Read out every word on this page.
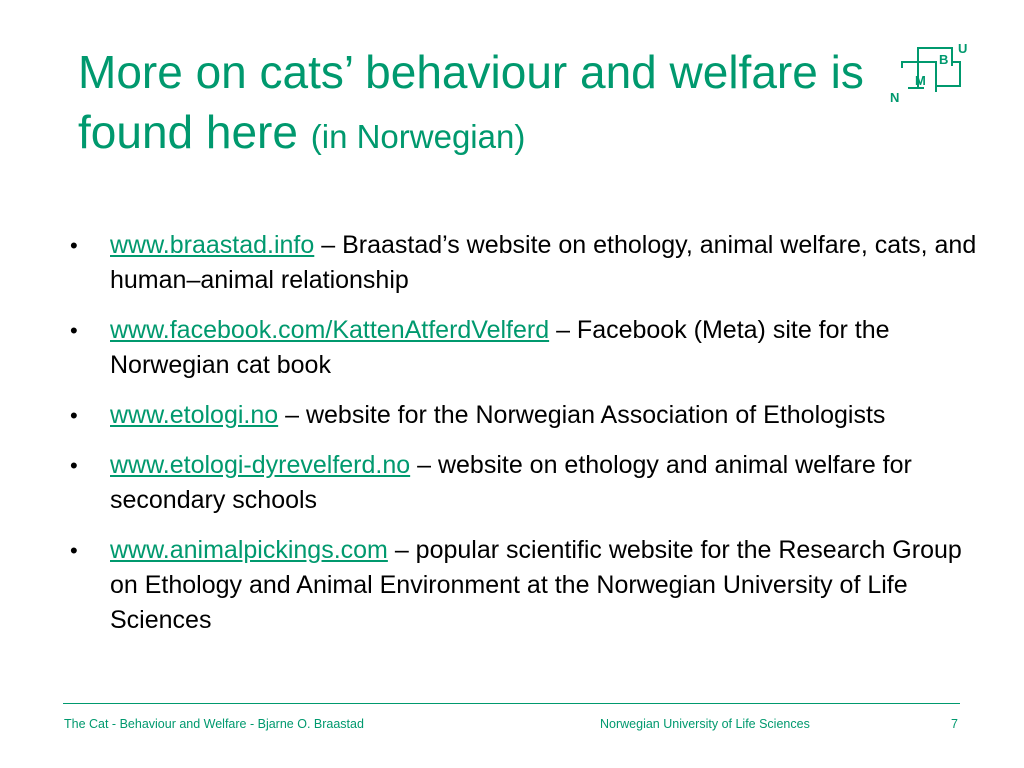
More on cats’ behaviour and welfare is found here (in Norwegian)
U
B
M
N
•	www.braastad.info – Braastad’s website on ethology, animal welfare, cats, and human–animal relationship
•	www.facebook.com/KattenAtferdVelferd – Facebook (Meta) site for the Norwegian cat book
•	www.etologi.no – website for the Norwegian Association of Ethologists
•	www.etologi-dyrevelferd.no – website on ethology and animal welfare for secondary schools
•	www.animalpickings.com – popular scientific website for the Research Group on Ethology and Animal Environment at the Norwegian University of Life Sciences
The Cat - Behaviour and Welfare - Bjarne O. Braastad	Norwegian University of Life Sciences	7
